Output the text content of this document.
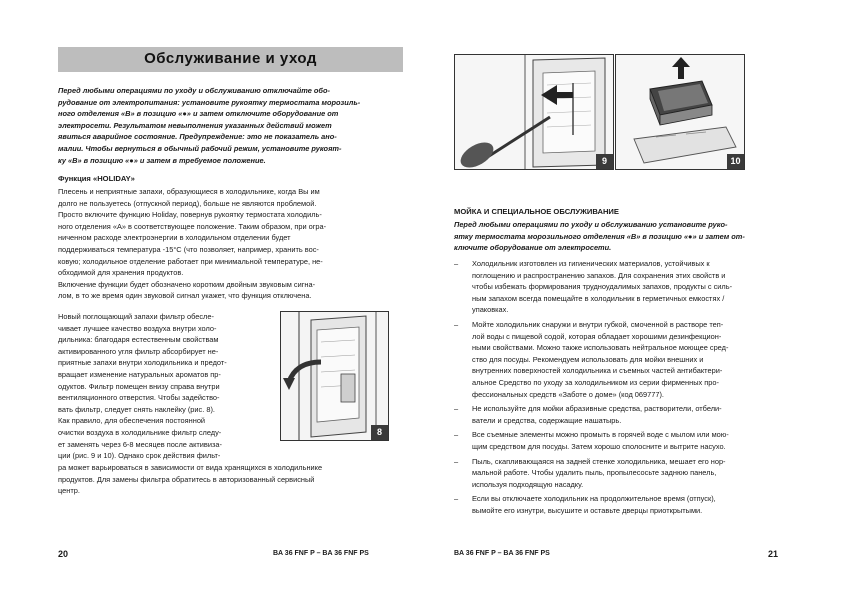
Обслуживание и уход
Перед любыми операциями по уходу и обслуживанию отключайте обо-
рудование от электропитания: установите рукоятку термостата морозиль-
ного отделения «В» в позицию «●» и затем отключите оборудование от
электросети. Результатом невыполнения указанных действий может
явиться аварийное состояние. Предупреждение: это не показатель ано-
малии. Чтобы вернуться в обычный рабочий режим, установите рукоят-
ку «В» в позицию «●» и затем в требуемое положение.
Функция «HOLIDAY»
Плесень и неприятные запахи, образующиеся в холодильнике, когда Вы им
долго не пользуетесь (отпускной период), больше не являются проблемой.
Просто включите функцию Holiday, повернув рукоятку термостата холодиль-
ного отделения «А» в соответствующее положение. Таким образом, при огра-
ниченном расходе электроэнергии в холодильном отделении будет
поддерживаться температура -15°С (что позволяет, например, хранить вос-
ковую; холодильное отделение работает при минимальной температуре, не-
обходимой для хранения продуктов.
Включение функции будет обозначено коротким двойным звуковым сигна-
лом, в то же время один звуковой сигнал укажет, что функция отключена.
Новый поглощающий запахи фильтр обесле-
чивает лучшее качество воздуха внутри холо-
дильника: благодаря естественным свойствам
активированного угля фильтр абсорбирует не-
приятные запахи внутри холодильника и предот-
вращает изменение натуральных ароматов пр-
одуктов. Фильтр помещен внизу справа внутри
вентиляционного отверстия. Чтобы задейство-
вать фильтр, следует снять наклейку (рис. 8).
Как правило, для обеспечения постоянной
очистки воздуха в холодильнике фильтр следу-
ет заменять через 6-8 месяцев после активиза-
ции (рис. 9 и 10). Однако срок действия фильт-
ра может варьироваться в зависимости от вида хранящихся в холодильнике
продуктов. Для замены фильтра обратитесь в авторизованный сервисный
центр.
8
20	BA 36 FNF P – BA 36 FNF PS
9	10
МОЙКА И СПЕЦИАЛЬНОЕ ОБСЛУЖИВАНИЕ
Перед любыми операциями по уходу и обслуживанию установите руко-
ятку термостата морозильного отделения «В» в позицию «●» и затем от-
ключите оборудование от электросети.
– Холодильник изготовлен из гигиенических материалов, устойчивых к
поглощению и распространению запахов. Для сохранения этих свойств и
чтобы избежать формирования трудноудалимых запахов, продукты с силь-
ным запахом всегда помещайте в холодильник в герметичных емкостях /
упаковках.
– Мойте холодильник снаружи и внутри губкой, смоченной в растворе теп-
лой воды с пищевой содой, которая обладает хорошими дезинфекцион-
ными свойствами. Можно также использовать нейтральное моющее сред-
ство для посуды. Рекомендуем использовать для мойки внешних и
внутренних поверхностей холодильника и съемных частей антибактери-
альное Средство по уходу за холодильником из серии фирменных про-
фессиональных средств «Заботе о доме» (код 069777).
– Не используйте для мойки абразивные средства, растворители, отбели-
ватели и средства, содержащие нашатырь.
– Все съемные элементы можно промыть в горячей воде с мылом или мою-
щим средством для посуды. Затем хорошо сполосните и вытрите насухо.
– Пыль, скапливающаяся на задней стенке холодильника, мешает его нор-
мальной работе. Чтобы удалить пыль, пропылесосьте заднюю панель,
используя подходящую насадку.
– Если вы отключаете холодильник на продолжительное время (отпуск),
вымойте его изнутри, высушите и оставьте дверцы приоткрытыми.
BA 36 FNF P – BA 36 FNF PS	21
